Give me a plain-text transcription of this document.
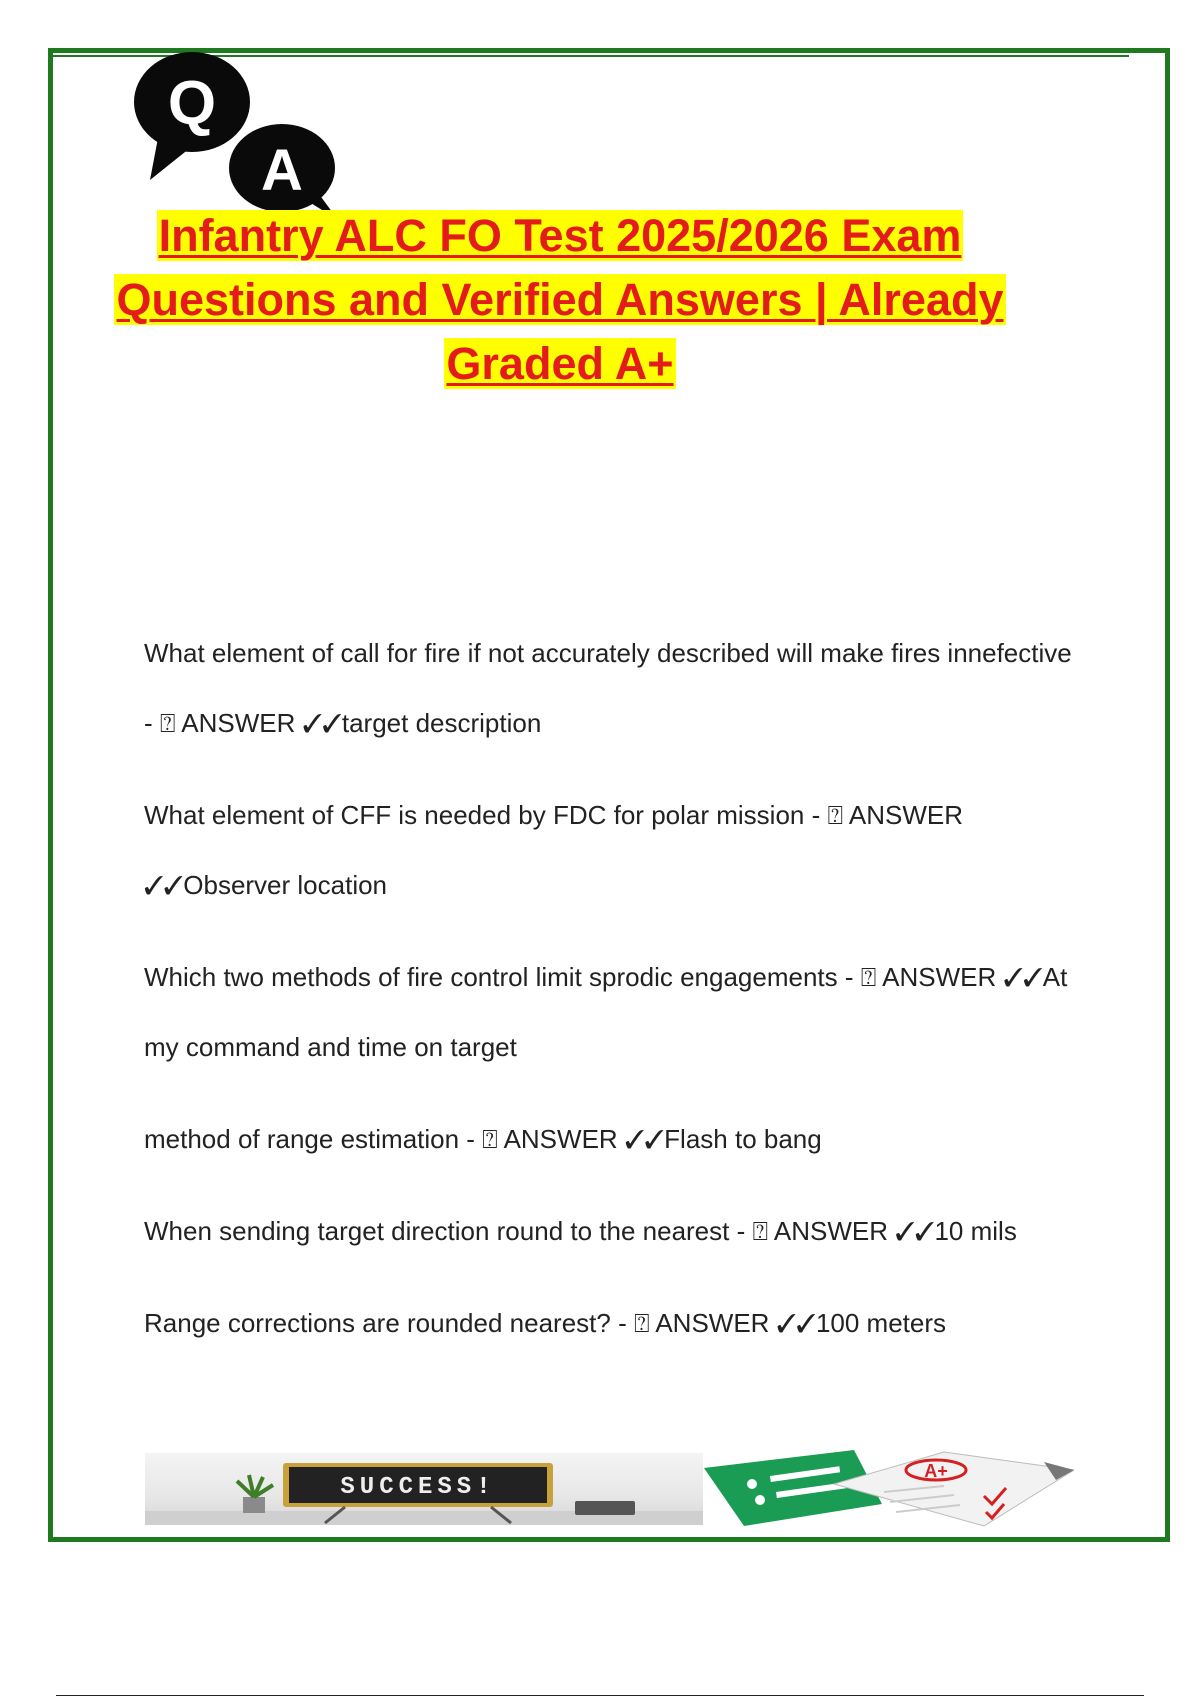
Q
A
Infantry ALC FO Test 2025/2026 Exam Questions and Verified Answers | Already Graded A+
What element of call for fire if not accurately described will make fires innefective - ⍰ ANSWER ✓✓target description
What element of CFF is needed by FDC for polar mission - ⍰ ANSWER ✓✓Observer location
Which two methods of fire control limit sprodic engagements - ⍰ ANSWER ✓✓At my command and time on target
method of range estimation - ⍰ ANSWER ✓✓Flash to bang
When sending target direction round to the nearest - ⍰ ANSWER ✓✓10 mils
Range corrections are rounded nearest? - ⍰ ANSWER ✓✓100 meters
SUCCESS!
A+
